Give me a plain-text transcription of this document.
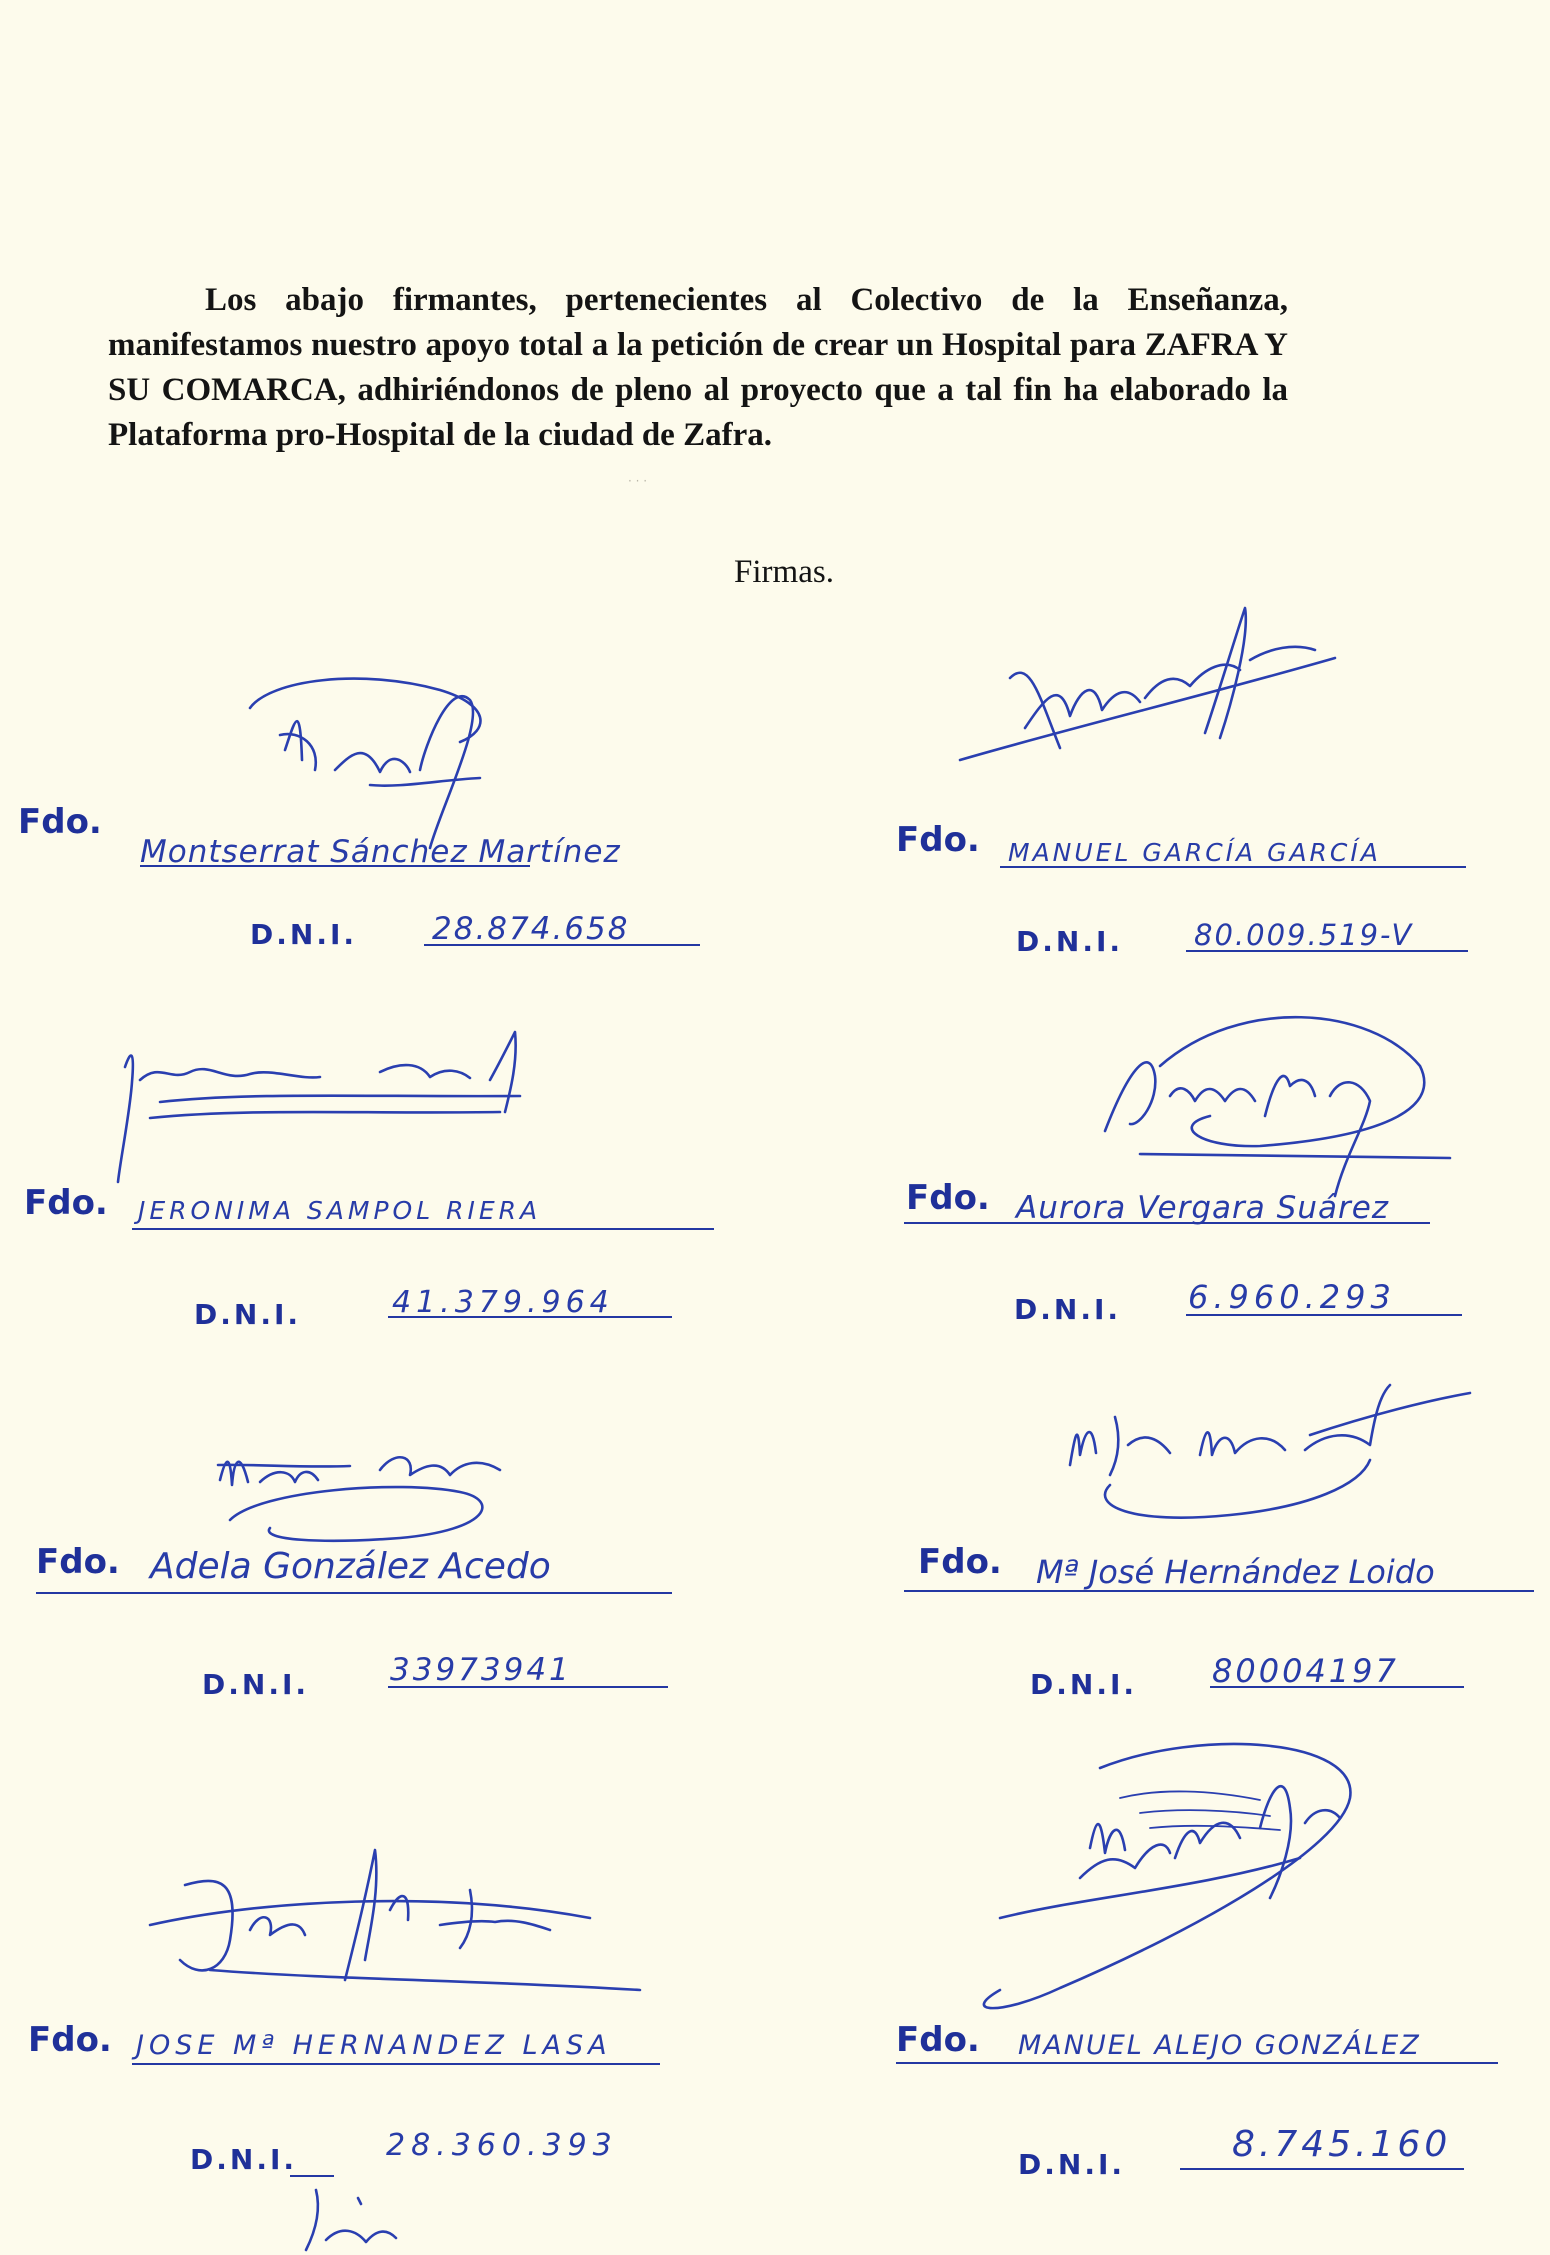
Los abajo firmantes, pertenecientes al Colectivo de la Enseñanza, manifestamos nuestro apoyo total a la petición de crear un Hospital para ZAFRA Y SU COMARCA, adhiriéndonos de pleno al proyecto que a tal fin ha elaborado la Plataforma pro-Hospital de la ciudad de Zafra.

· · ·

Firmas.

Fdo.
Montserrat Sánchez Martínez
D.N.I. 28.874.658
Fdo. MANUEL GARCÍA GARCÍA
D.N.I. 80.009.519-V
Fdo. JERONIMA SAMPOL RIERA
D.N.I.	41.379.964
Fdo. Aurora Vergara Suárez
D.N.I. 6.960.293
Fdo. Adela González Acedo
D.N.I.	33973941
Fdo. Mª José Hernández Loido
D.N.I. 80004197
Fdo. JOSE Mª HERNANDEZ LASA
D.N.I.	28.360.393
Fdo. MANUEL ALEJO GONZÁLEZ
D.N.I.	8.745.160
